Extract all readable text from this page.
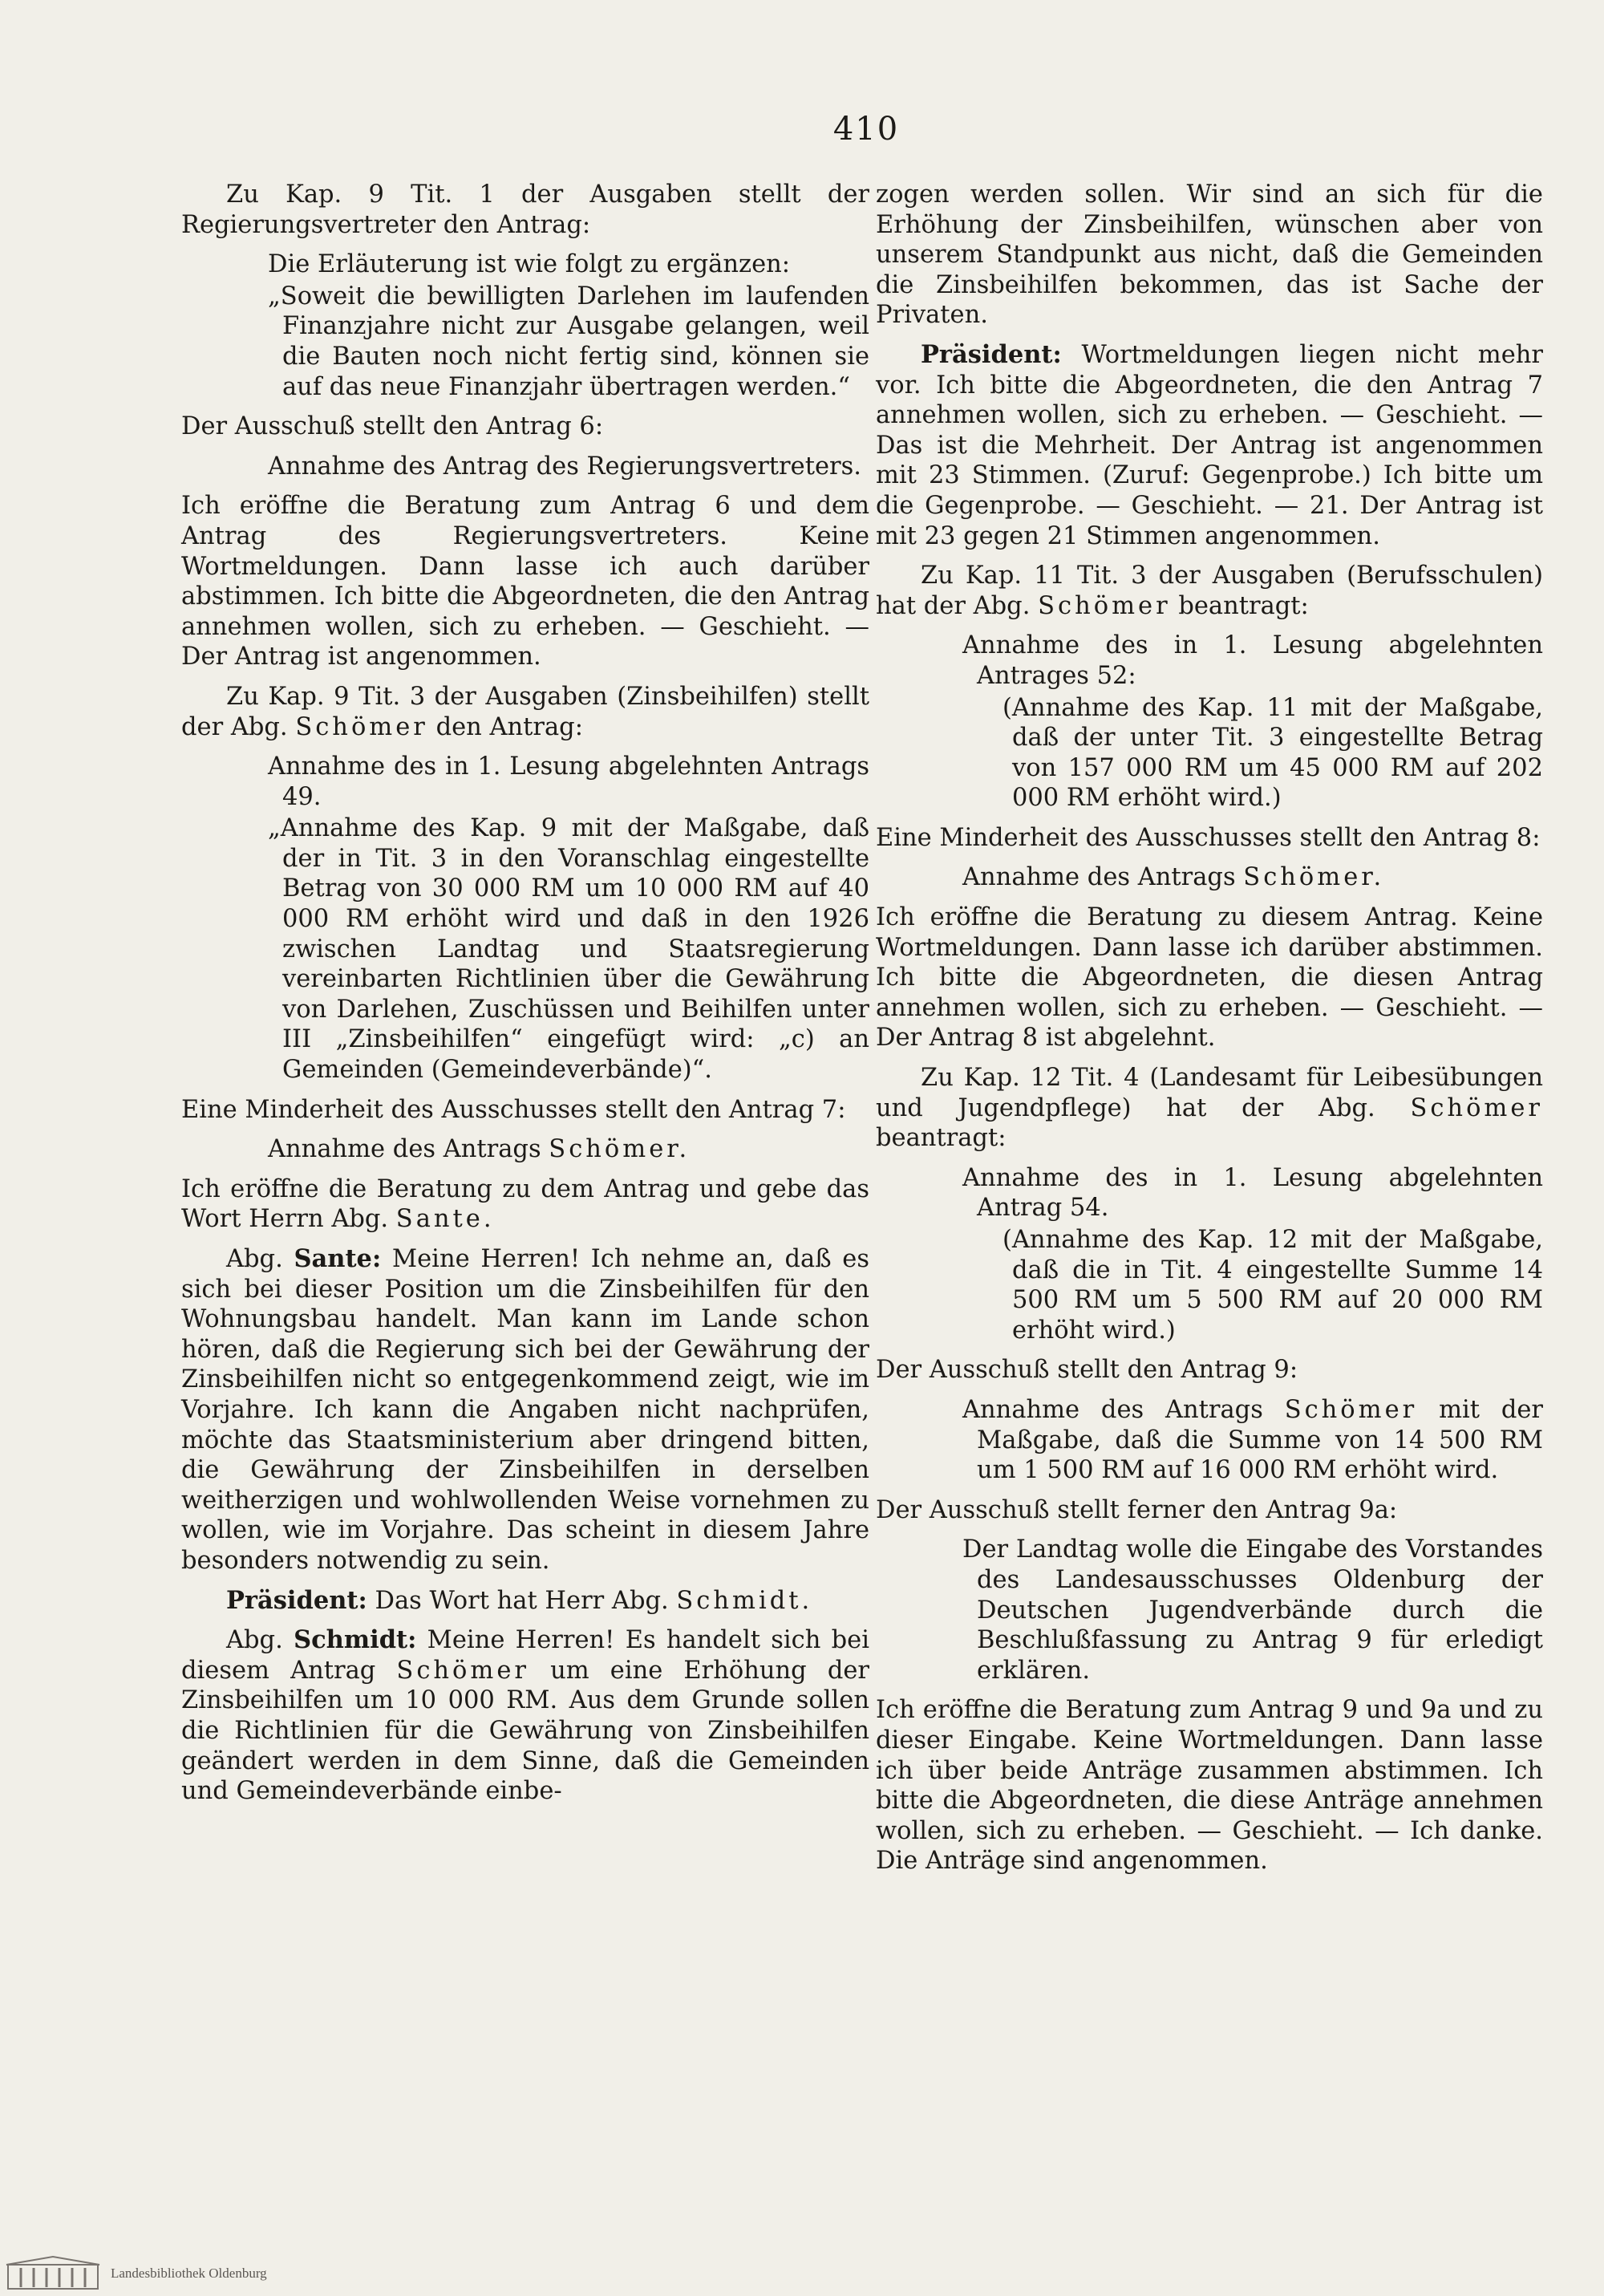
410

Zu Kap. 9 Tit. 1 der Ausgaben stellt der Regierungsvertreter den Antrag:

Die Erläuterung ist wie folgt zu ergänzen:

„Soweit die bewilligten Darlehen im laufenden Finanzjahre nicht zur Ausgabe gelangen, weil die Bauten noch nicht fertig sind, können sie auf das neue Finanzjahr übertragen werden.“

Der Ausschuß stellt den Antrag 6:

Annahme des Antrag des Regierungsvertreters.

Ich eröffne die Beratung zum Antrag 6 und dem Antrag des Regierungsvertreters. Keine Wortmeldungen. Dann lasse ich auch darüber abstimmen. Ich bitte die Abgeordneten, die den Antrag annehmen wollen, sich zu erheben. — Geschieht. — Der Antrag ist angenommen.

Zu Kap. 9 Tit. 3 der Ausgaben (Zinsbeihilfen) stellt der Abg. Schömer den Antrag:

Annahme des in 1. Lesung abgelehnten Antrags 49.

„Annahme des Kap. 9 mit der Maßgabe, daß der in Tit. 3 in den Voranschlag eingestellte Betrag von 30 000 RM um 10 000 RM auf 40 000 RM erhöht wird und daß in den 1926 zwischen Landtag und Staatsregierung vereinbarten Richtlinien über die Gewährung von Darlehen, Zuschüssen und Beihilfen unter III „Zinsbeihilfen“ eingefügt wird: „c) an Gemeinden (Gemeindeverbände)“.

Eine Minderheit des Ausschusses stellt den Antrag 7:

Annahme des Antrags Schömer.

Ich eröffne die Beratung zu dem Antrag und gebe das Wort Herrn Abg. Sante.

Abg. Sante: Meine Herren! Ich nehme an, daß es sich bei dieser Position um die Zinsbeihilfen für den Wohnungsbau handelt. Man kann im Lande schon hören, daß die Regierung sich bei der Gewährung der Zinsbeihilfen nicht so entgegenkommend zeigt, wie im Vorjahre. Ich kann die Angaben nicht nachprüfen, möchte das Staatsministerium aber dringend bitten, die Gewährung der Zinsbeihilfen in derselben weitherzigen und wohlwollenden Weise vornehmen zu wollen, wie im Vorjahre. Das scheint in diesem Jahre besonders notwendig zu sein.

Präsident: Das Wort hat Herr Abg. Schmidt.

Abg. Schmidt: Meine Herren! Es handelt sich bei diesem Antrag Schömer um eine Erhöhung der Zinsbeihilfen um 10 000 RM. Aus dem Grunde sollen die Richtlinien für die Gewährung von Zinsbeihilfen geändert werden in dem Sinne, daß die Gemeinden und Gemeindeverbände einbe-

zogen werden sollen. Wir sind an sich für die Erhöhung der Zinsbeihilfen, wünschen aber von unserem Standpunkt aus nicht, daß die Gemeinden die Zinsbeihilfen bekommen, das ist Sache der Privaten.

Präsident: Wortmeldungen liegen nicht mehr vor. Ich bitte die Abgeordneten, die den Antrag 7 annehmen wollen, sich zu erheben. — Geschieht. — Das ist die Mehrheit. Der Antrag ist angenommen mit 23 Stimmen. (Zuruf: Gegenprobe.) Ich bitte um die Gegenprobe. — Geschieht. — 21. Der Antrag ist mit 23 gegen 21 Stimmen angenommen.

Zu Kap. 11 Tit. 3 der Ausgaben (Berufsschulen) hat der Abg. Schömer beantragt:

Annahme des in 1. Lesung abgelehnten Antrages 52:

(Annahme des Kap. 11 mit der Maßgabe, daß der unter Tit. 3 eingestellte Betrag von 157 000 RM um 45 000 RM auf 202 000 RM erhöht wird.)

Eine Minderheit des Ausschusses stellt den Antrag 8:

Annahme des Antrags Schömer.

Ich eröffne die Beratung zu diesem Antrag. Keine Wortmeldungen. Dann lasse ich darüber abstimmen. Ich bitte die Abgeordneten, die diesen Antrag annehmen wollen, sich zu erheben. — Geschieht. — Der Antrag 8 ist abgelehnt.

Zu Kap. 12 Tit. 4 (Landesamt für Leibesübungen und Jugendpflege) hat der Abg. Schömer beantragt:

Annahme des in 1. Lesung abgelehnten Antrag 54.

(Annahme des Kap. 12 mit der Maßgabe, daß die in Tit. 4 eingestellte Summe 14 500 RM um 5 500 RM auf 20 000 RM erhöht wird.)

Der Ausschuß stellt den Antrag 9:

Annahme des Antrags Schömer mit der Maßgabe, daß die Summe von 14 500 RM um 1 500 RM auf 16 000 RM erhöht wird.

Der Ausschuß stellt ferner den Antrag 9a:

Der Landtag wolle die Eingabe des Vorstandes des Landesausschusses Oldenburg der Deutschen Jugendverbände durch die Beschlußfassung zu Antrag 9 für erledigt erklären.

Ich eröffne die Beratung zum Antrag 9 und 9a und zu dieser Eingabe. Keine Wortmeldungen. Dann lasse ich über beide Anträge zusammen abstimmen. Ich bitte die Abgeordneten, die diese Anträge annehmen wollen, sich zu erheben. — Geschieht. — Ich danke. Die Anträge sind angenommen.

Landesbibliothek Oldenburg
